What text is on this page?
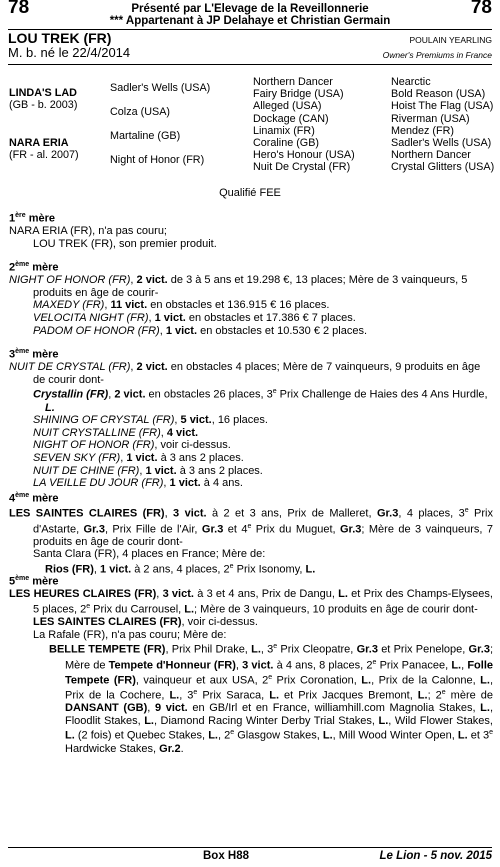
78	78
Présenté par L'Elevage de la Reveillonnerie
*** Appartenant à JP Delahaye et Christian Germain
LOU TREK (FR)
M. b. né le 22/4/2014
POULAIN YEARLING
Owner's Premiums in France
LINDA'S LAD
(GB - b. 2003)
NARA ERIA
(FR - al. 2007)
Sadler's Wells (USA)
Colza (USA)
Martaline (GB)
Night of Honor (FR)
Northern Dancer
Fairy Bridge (USA)
Alleged (USA)
Dockage (CAN)
Linamix (FR)
Coraline (GB)
Hero's Honour (USA)
Nuit De Crystal (FR)
Nearctic
Bold Reason (USA)
Hoist The Flag (USA)
Riverman (USA)
Mendez (FR)
Sadler's Wells (USA)
Northern Dancer
Crystal Glitters (USA)
Qualifié FEE

1ère mère

NARA ERIA (FR), n'a pas couru;

LOU TREK (FR), son premier produit.

2ème mère

NIGHT OF HONOR (FR), 2 vict. de 3 à 5 ans et 19.298 €, 13 places; Mère de 3 vainqueurs, 5 produits en âge de courir-

MAXEDY (FR), 11 vict. en obstacles et 136.915 € 16 places.

VELOCITA NIGHT (FR), 1 vict. en obstacles et 17.386 € 7 places.

PADOM OF HONOR (FR), 1 vict. en obstacles et 10.530 € 2 places.

3ème mère

NUIT DE CRYSTAL (FR), 2 vict. en obstacles 4 places; Mère de 7 vainqueurs, 9 produits en âge de courir dont-

Crystallin (FR), 2 vict. en obstacles 26 places, 3e Prix Challenge de Haies des 4 Ans Hurdle, L.

SHINING OF CRYSTAL (FR), 5 vict., 16 places.

NUIT CRYSTALLINE (FR), 4 vict.

NIGHT OF HONOR (FR), voir ci-dessus.

SEVEN SKY (FR), 1 vict. à 3 ans 2 places.

NUIT DE CHINE (FR), 1 vict. à 3 ans 2 places.

LA VEILLE DU JOUR (FR), 1 vict. à 4 ans.

4ème mère

LES SAINTES CLAIRES (FR), 3 vict. à 2 et 3 ans, Prix de Malleret, Gr.3, 4 places, 3e Prix d'Astarte, Gr.3, Prix Fille de l'Air, Gr.3 et 4e Prix du Muguet, Gr.3; Mère de 3 vainqueurs, 7 produits en âge de courir dont-

Santa Clara (FR), 4 places en France; Mère de:

Rios (FR), 1 vict. à 2 ans, 4 places, 2e Prix Isonomy, L.

5ème mère

LES HEURES CLAIRES (FR), 3 vict. à 3 et 4 ans, Prix de Dangu, L. et Prix des Champs-Elysees, 5 places, 2e Prix du Carrousel, L.; Mère de 3 vainqueurs, 10 produits en âge de courir dont-

LES SAINTES CLAIRES (FR), voir ci-dessus.

La Rafale (FR), n'a pas couru; Mère de:

BELLE TEMPETE (FR), Prix Phil Drake, L., 3e Prix Cleopatre, Gr.3 et Prix Penelope, Gr.3; Mère de Tempete d'Honneur (FR), 3 vict. à 4 ans, 8 places, 2e Prix Panacee, L., Folle Tempete (FR), vainqueur et aux USA, 2e Prix Coronation, L., Prix de la Calonne, L., Prix de la Cochere, L., 3e Prix Saraca, L. et Prix Jacques Bremont, L.; 2e mère de DANSANT (GB), 9 vict. en GB/Irl et en France, williamhill.com Magnolia Stakes, L., Floodlit Stakes, L., Diamond Racing Winter Derby Trial Stakes, L., Wild Flower Stakes, L. (2 fois) et Quebec Stakes, L., 2e Glasgow Stakes, L., Mill Wood Winter Open, L. et 3e Hardwicke Stakes, Gr.2.

Box H88	Le Lion - 5 nov. 2015
